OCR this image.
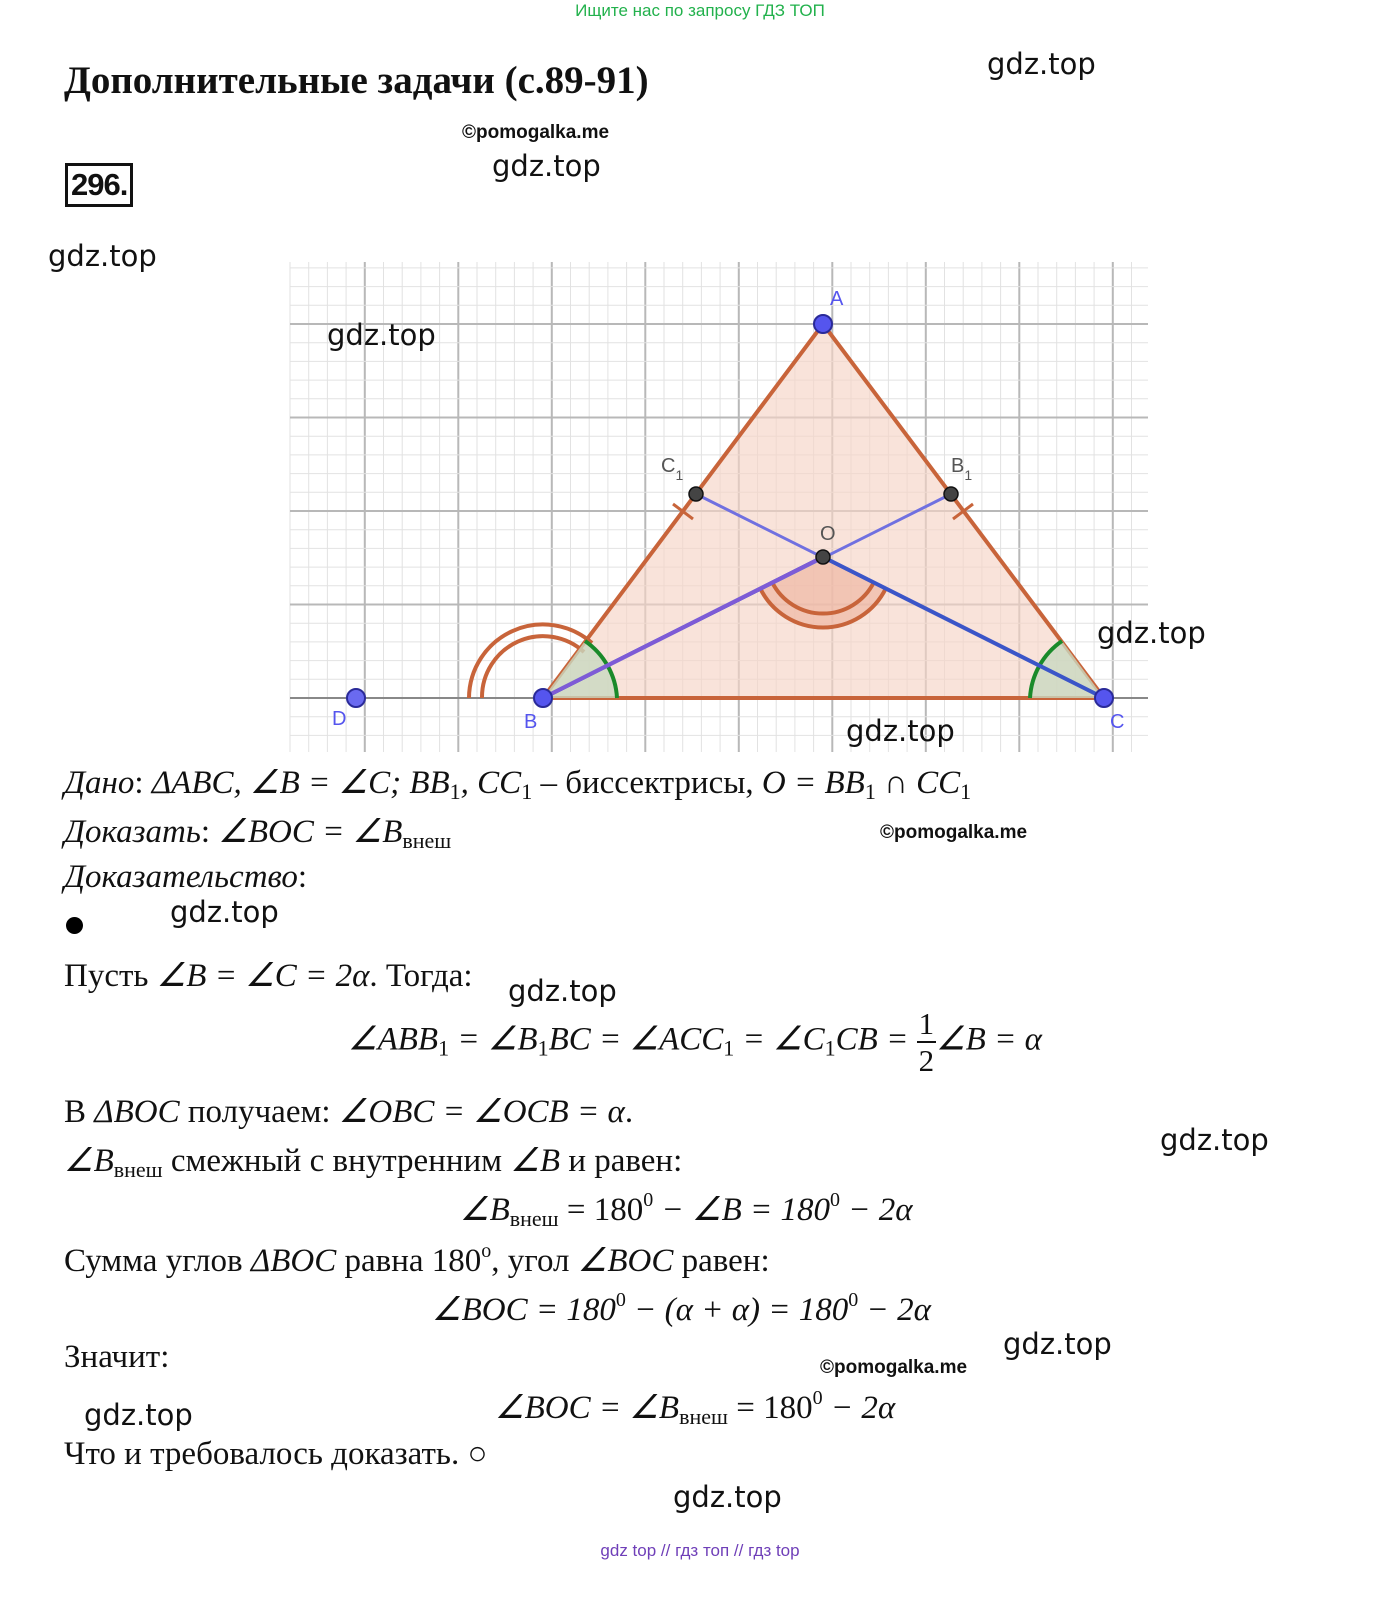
Ищите нас по запросу ГДЗ ТОП
Дополнительные задачи (с.89-91)
296.
gdz.top
©pomogalka.me
gdz.top
gdz.top
A
B	C
D
O
$C_1$	$B_1$
gdz.top
gdz.top
gdz.top
Дано: ΔABC, ∠B = ∠C; $BB_1$, $CC_1$ – биссектрисы, $O = BB_1$ ∩ $CC_1$
Доказать: ∠BOC = $\angle B_{внеш}$	©pomogalka.me
Доказательство:
gdz.top
Пусть ∠B = ∠C = 2α. Тогда: gdz.top
$\angle ABB_1$ = $\angle B_1BC$ = $\angle ACC_1$ = $\angle C_1CB = \frac{1}{2}$ ∠B = α
В ΔBOC получаем: ∠OBC = ∠OCB = α.
gdz.top
$\angle B_{внеш}$ смежный с внутренним ∠B и равен:
$\angle B_{внеш} = 180^0$ − ∠B = $180^0 - 2\alpha$
Сумма углов ΔBOC равна 180$^o$, угол ∠BOC равен:
∠BOC = $180^0 - (\alpha + \alpha) = 180^0 - 2\alpha$
gdz.top
Значит:	©pomogalka.me
∠BOC = $\angle B_{внеш} = 180^0 - 2\alpha$
gdz.top
Что и требовалось доказать. ○
gdz.top
gdz top // гдз топ // гдз top
